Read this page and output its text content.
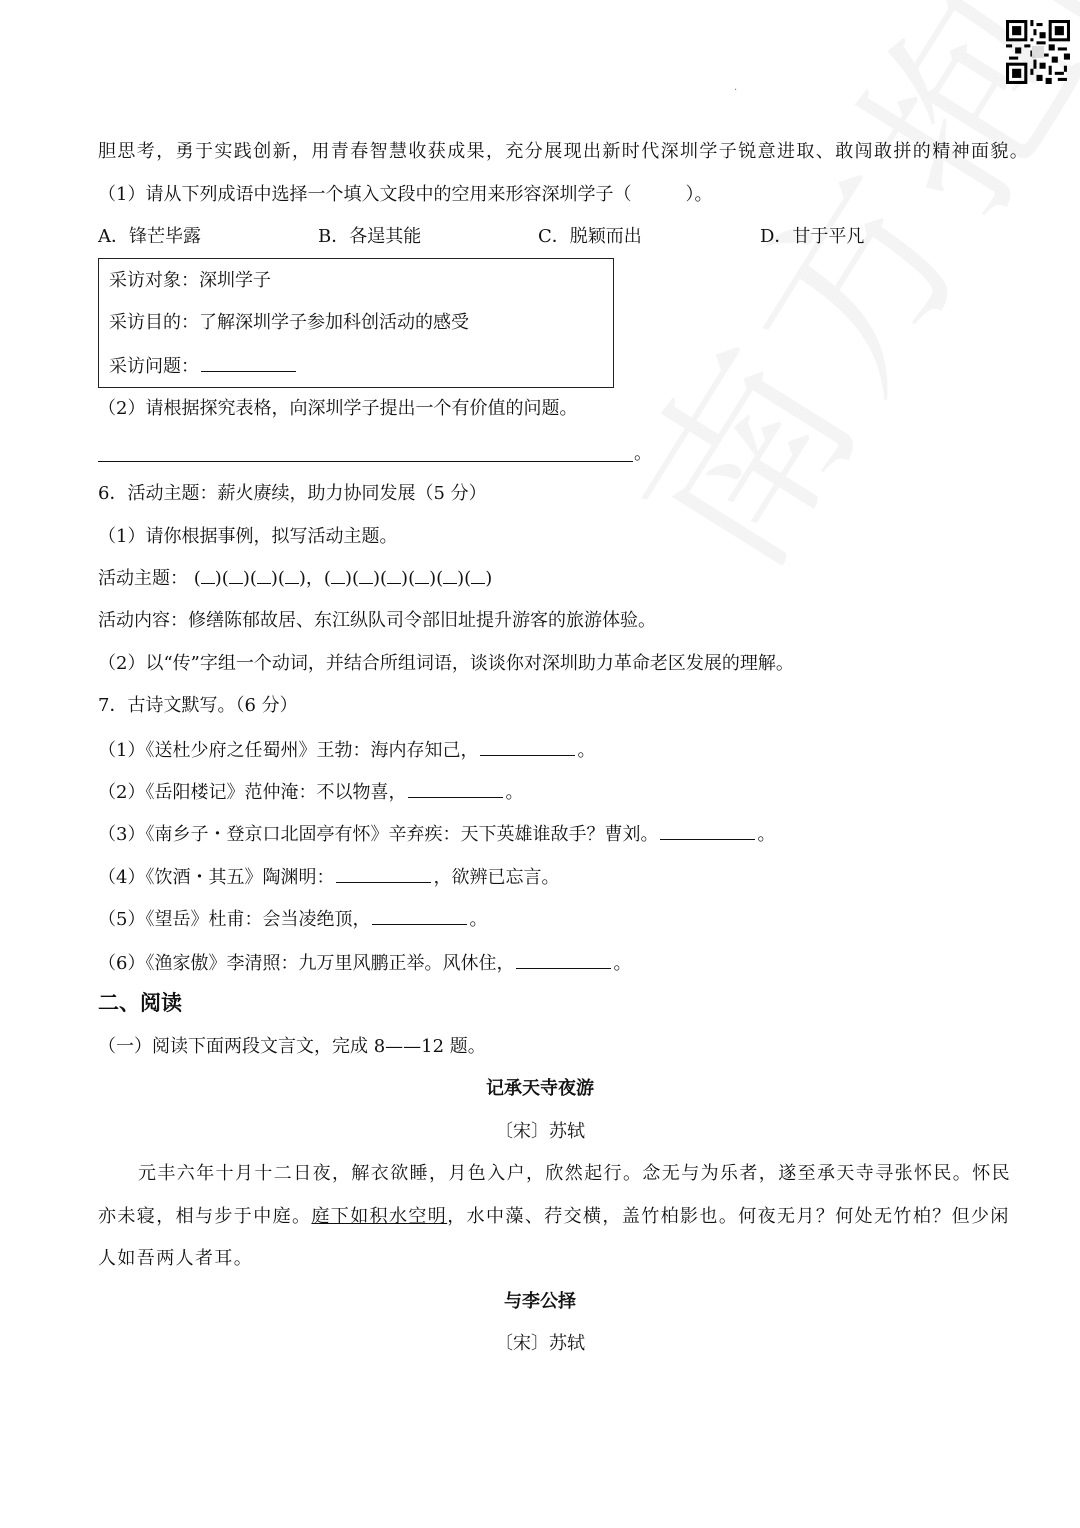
.
胆思考，勇于实践创新，用青春智慧收获成果，充分展现出新时代深圳学子锐意进取、敢闯敢拼的精神面貌。
（1）请从下列成语中选择一个填入文段中的空用来形容深圳学子（　　　）。
A．锋芒毕露	B．各逞其能	C．脱颖而出	D．甘于平凡
采访对象：深圳学子
采访目的：了解深圳学子参加科创活动的感受
采访问题：
（2）请根据探究表格，向深圳学子提出一个有价值的问题。
。
6．活动主题：薪火赓续，助力协同发展（5 分）
（1）请你根据事例，拟写活动主题。
活动主题： ( )( )( )( )，( )( )( )( )( )( )
活动内容：修缮陈郁故居、东江纵队司令部旧址提升游客的旅游体验。
（2）以“传”字组一个动词，并结合所组词语，谈谈你对深圳助力革命老区发展的理解。
7．古诗文默写。（6 分）
（1）《送杜少府之任蜀州》王勃：海内存知己，	。
（2）《岳阳楼记》范仲淹：不以物喜，	。
（3）《南乡子・登京口北固亭有怀》辛弃疾：天下英雄谁敌手？曹刘。	。
（4）《饮酒・其五》陶渊明：	，欲辨已忘言。
（5）《望岳》杜甫：会当凌绝顶，	。
（6）《渔家傲》李清照：九万里风鹏正举。风休住，	。
二、阅读
（一）阅读下面两段文言文，完成 8——12 题。
记承天寺夜游
〔宋〕苏轼
元丰六年十月十二日夜，解衣欲睡，月色入户，欣然起行。念无与为乐者，遂至承天寺寻张怀民。怀民
亦未寝，相与步于中庭。庭下如积水空明，水中藻、荇交横，盖竹柏影也。何夜无月？何处无竹柏？但少闲
人如吾两人者耳。
与李公择
〔宋〕苏轼
